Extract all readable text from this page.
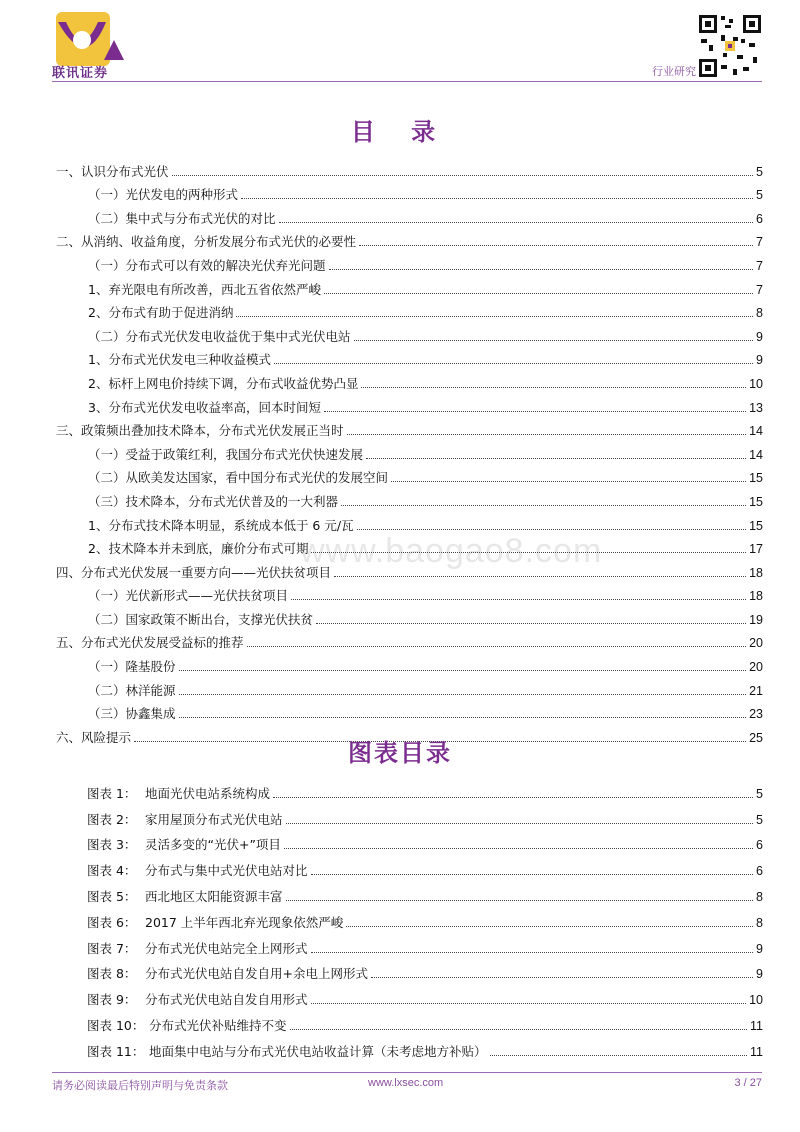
联讯证券	行业研究
目 录
一、认识分布式光伏	5
（一）光伏发电的两种形式	5
（二）集中式与分布式光伏的对比	6
二、从消纳、收益角度，分析发展分布式光伏的必要性	7
（一）分布式可以有效的解决光伏弃光问题	7
1、弃光限电有所改善，西北五省依然严峻	7
2、分布式有助于促进消纳	8
（二）分布式光伏发电收益优于集中式光伏电站	9
1、分布式光伏发电三种收益模式	9
2、标杆上网电价持续下调，分布式收益优势凸显	10
3、分布式光伏发电收益率高，回本时间短	13
三、政策频出叠加技术降本，分布式光伏发展正当时	14
（一）受益于政策红利，我国分布式光伏快速发展	14
（二）从欧美发达国家，看中国分布式光伏的发展空间	15
（三）技术降本，分布式光伏普及的一大利器	15
1、分布式技术降本明显，系统成本低于 6 元/瓦	15
2、技术降本并未到底，廉价分布式可期	17
四、分布式光伏发展一重要方向——光伏扶贫项目	18
（一）光伏新形式——光伏扶贫项目	18
（二）国家政策不断出台，支撑光伏扶贫	19
五、分布式光伏发展受益标的推荐	20
（一）隆基股份	20
（二）林洋能源	21
（三）协鑫集成	23
六、风险提示	25
www.baogao8.com
图表目录
图表 1： 地面光伏电站系统构成	5
图表 2： 家用屋顶分布式光伏电站	5
图表 3： 灵活多变的“光伏+”项目	6
图表 4： 分布式与集中式光伏电站对比	6
图表 5： 西北地区太阳能资源丰富	8
图表 6： 2017 上半年西北弃光现象依然严峻	8
图表 7： 分布式光伏电站完全上网形式	9
图表 8： 分布式光伏电站自发自用+余电上网形式	9
图表 9： 分布式光伏电站自发自用形式	10
图表 10： 分布式光伏补贴维持不变	11
图表 11： 地面集中电站与分布式光伏电站收益计算（未考虑地方补贴）	11
请务必阅读最后特别声明与免责条款	www.lxsec.com	3 / 27
